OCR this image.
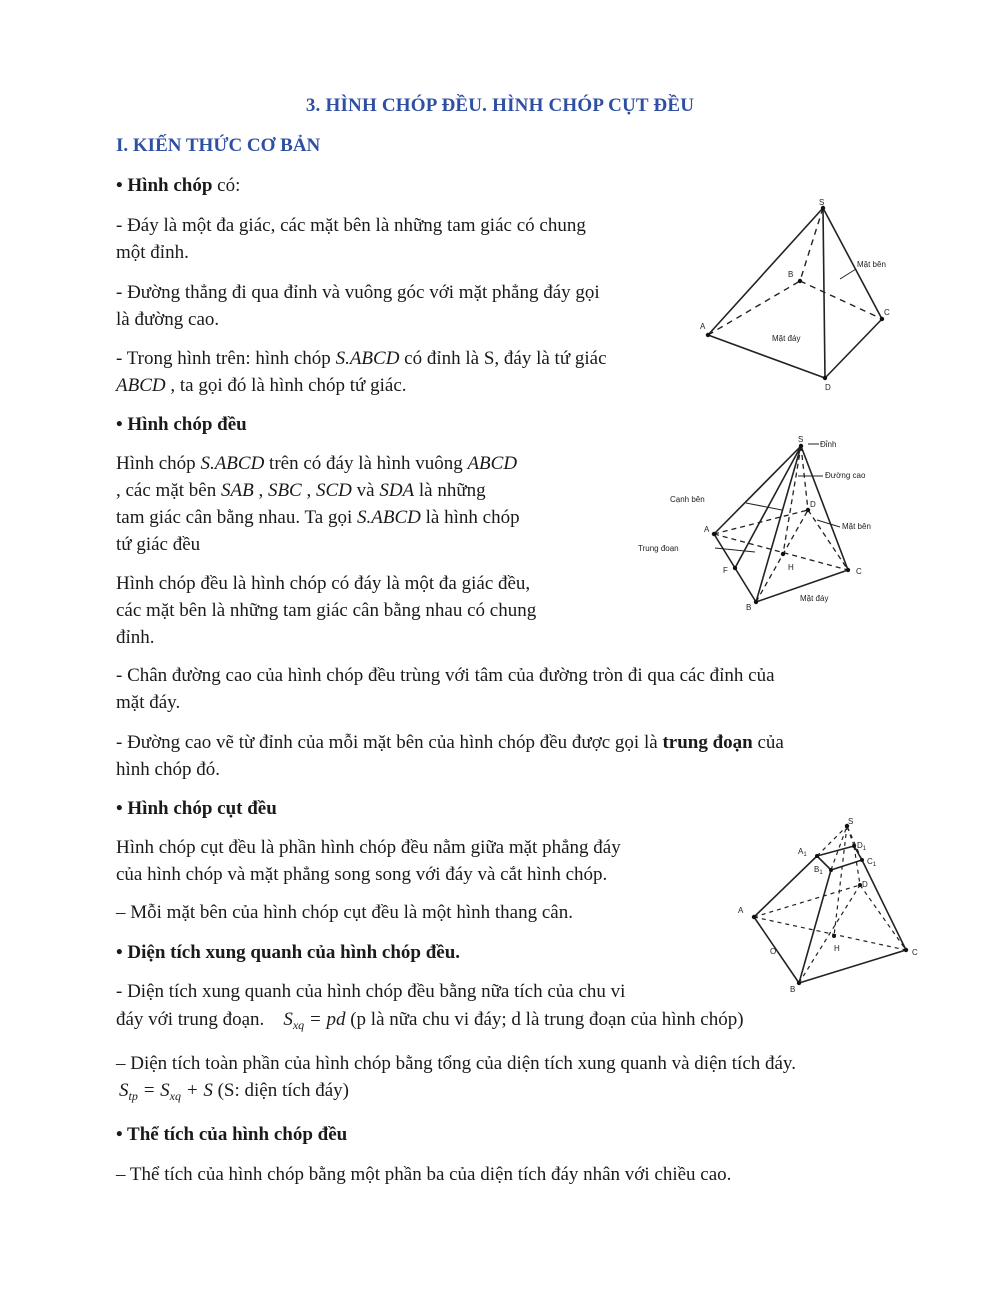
3. HÌNH CHÓP ĐỀU. HÌNH CHÓP CỤT ĐỀU
I. KIẾN THỨC CƠ BẢN
• Hình chóp có:
- Đáy là một đa giác, các mặt bên là những tam giác có chung
một đỉnh.
- Đường thẳng đi qua đỉnh và vuông góc với mặt phẳng đáy gọi
là đường cao.
- Trong hình trên: hình chóp S.ABCD có đỉnh là S, đáy là tứ giác
ABCD , ta gọi đó là hình chóp tứ giác.
• Hình chóp đều
Hình chóp S.ABCD trên có đáy là hình vuông ABCD
, các mặt bên SAB , SBC , SCD và SDA là những
tam giác cân bằng nhau. Ta gọi S.ABCD là hình chóp
tứ giác đều
Hình chóp đều là hình chóp có đáy là một đa giác đều,
các mặt bên là những tam giác cân bằng nhau có chung
đỉnh.
- Chân đường cao của hình chóp đều trùng với tâm của đường tròn đi qua các đỉnh của
mặt đáy.
- Đường cao vẽ từ đỉnh của mỗi mặt bên của hình chóp đều được gọi là trung đoạn của
hình chóp đó.
• Hình chóp cụt đều
Hình chóp cụt đều là phần hình chóp đều nằm giữa mặt phẳng đáy
của hình chóp và mặt phẳng song song với đáy và cắt hình chóp.
– Mỗi mặt bên của hình chóp cụt đều là một hình thang cân.
• Diện tích xung quanh của hình chóp đều.
- Diện tích xung quanh của hình chóp đều bằng nữa tích của chu vi
đáy với trung đoạn. $S_{xq}$ = pd (p là nữa chu vi đáy; d là trung đoạn của hình chóp)
– Diện tích toàn phần của hình chóp bằng tổng của diện tích xung quanh và diện tích đáy.
$S_{tp} = S_{xq} + S$ (S: diện tích đáy)
• Thể tích của hình chóp đều
– Thể tích của hình chóp bằng một phần ba của diện tích đáy nhân với chiều cao.
S
A
B
C
D
Mặt bên
Mặt đáy
S
Đỉnh
Đường cao
Cạnh bên
D
Mặt bên
A
Trung đoạn
F	H	C
B
Mặt đáy
S
$A_1$
$D_1$
$B_1$
$C_1$
D
A
H	C
O
B
